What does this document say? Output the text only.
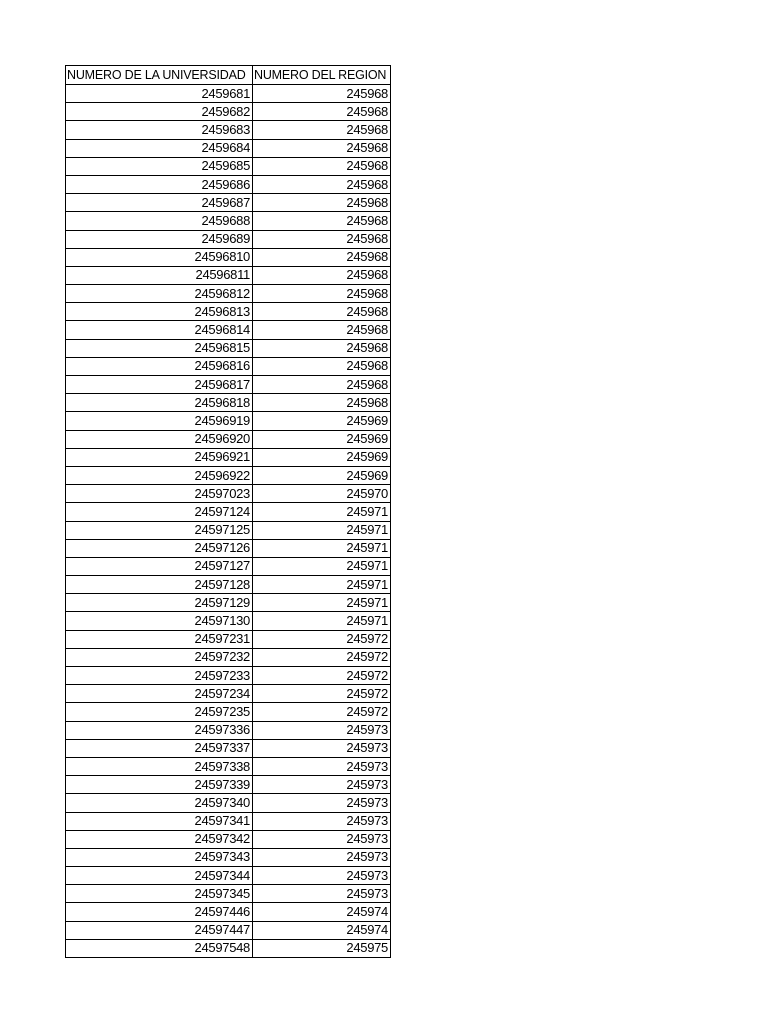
NUMERO DE LA UNIVERSIDAD	NUMERO DEL REGION
2459681	245968
2459682	245968
2459683	245968
2459684	245968
2459685	245968
2459686	245968
2459687	245968
2459688	245968
2459689	245968
24596810	245968
24596811	245968
24596812	245968
24596813	245968
24596814	245968
24596815	245968
24596816	245968
24596817	245968
24596818	245968
24596919	245969
24596920	245969
24596921	245969
24596922	245969
24597023	245970
24597124	245971
24597125	245971
24597126	245971
24597127	245971
24597128	245971
24597129	245971
24597130	245971
24597231	245972
24597232	245972
24597233	245972
24597234	245972
24597235	245972
24597336	245973
24597337	245973
24597338	245973
24597339	245973
24597340	245973
24597341	245973
24597342	245973
24597343	245973
24597344	245973
24597345	245973
24597446	245974
24597447	245974
24597548	245975
